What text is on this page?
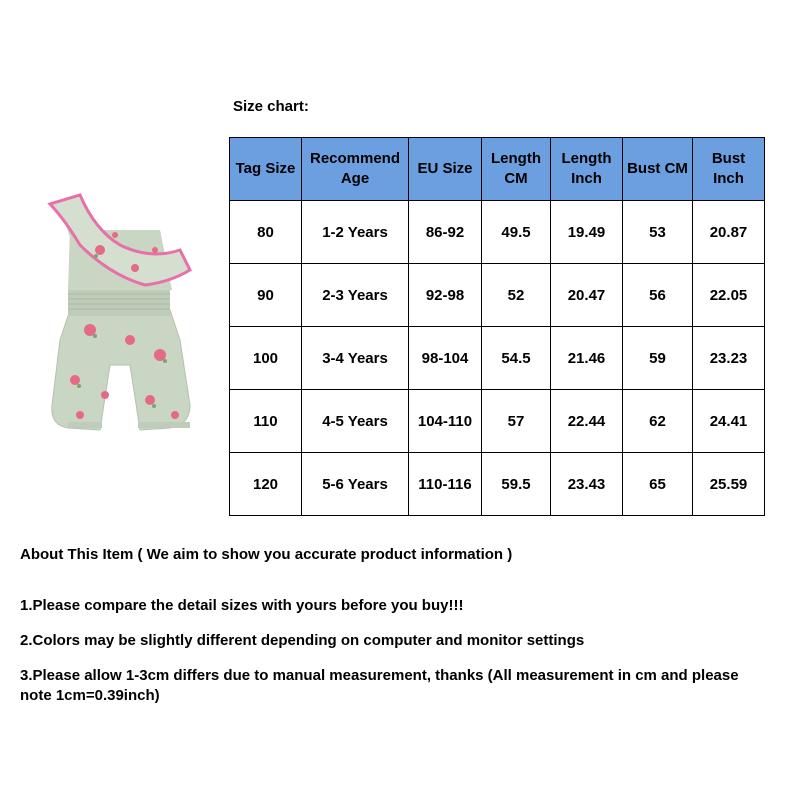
Size chart:
Tag Size	Recommend Age	EU Size	Length CM	Length Inch	Bust CM	Bust Inch
80	1-2 Years	86-92	49.5	19.49	53	20.87
90	2-3 Years	92-98	52	20.47	56	22.05
100	3-4 Years	98-104	54.5	21.46	59	23.23
110	4-5 Years	104-110	57	22.44	62	24.41
120	5-6 Years	110-116	59.5	23.43	65	25.59
About This Item ( We aim to show you accurate product information )
1.Please compare the detail sizes with yours before you buy!!!
2.Colors may be slightly different depending on computer and monitor settings
3.Please allow 1-3cm differs due to manual measurement, thanks (All measurement in cm and please note 1cm=0.39inch)
